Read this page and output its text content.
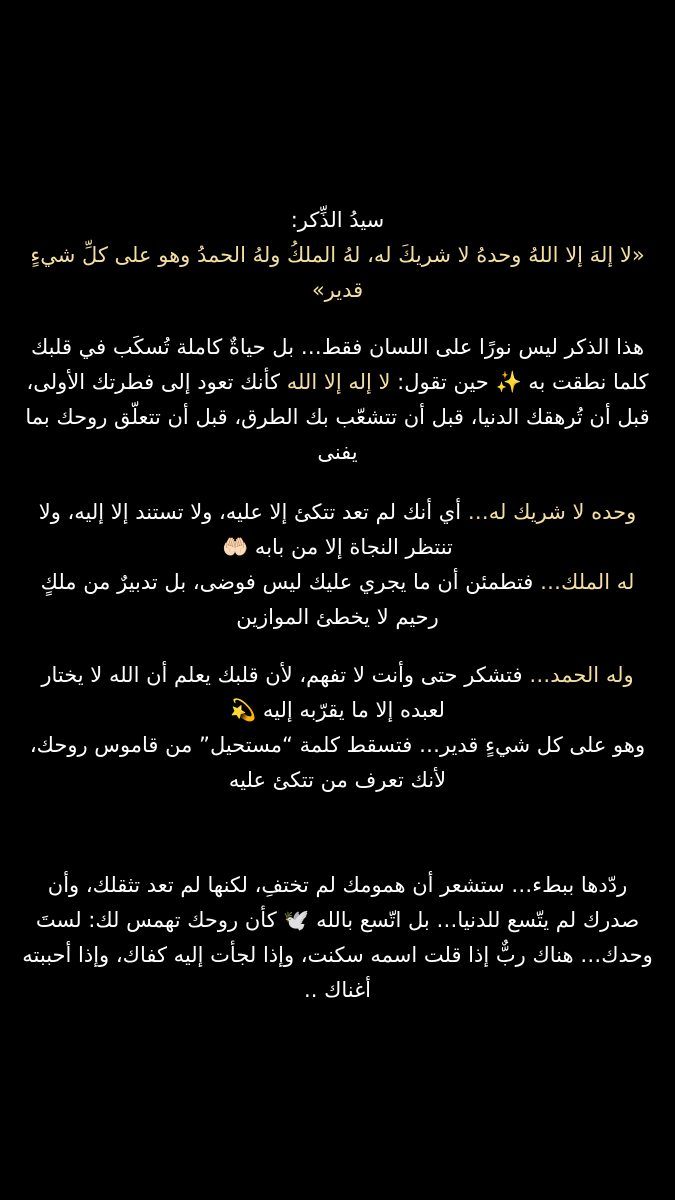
سيدُ الذِّكر:
«لا إلهَ إلا اللهُ وحدهُ لا شريكَ له، لهُ الملكُ ولهُ الحمدُ وهو على كلِّ شيءٍ قدير»
هذا الذكر ليس نورًا على اللسان فقط… بل حياةٌ كاملة تُسكَب في قلبك كلما نطقت به ✨ حين تقول: لا إله إلا الله كأنك تعود إلى فطرتك الأولى، قبل أن تُرهقك الدنيا، قبل أن تتشعّب بك الطرق، قبل أن تتعلّق روحك بما يفنى
وحده لا شريك له… أي أنك لم تعد تتكئ إلا عليه، ولا تستند إلا إليه، ولا تنتظر النجاة إلا من بابه 🤲🏻
له الملك… فتطمئن أن ما يجري عليك ليس فوضى، بل تدبيرٌ من ملكٍ رحيم لا يخطئ الموازين
وله الحمد… فتشكر حتى وأنت لا تفهم، لأن قلبك يعلم أن الله لا يختار لعبده إلا ما يقرّبه إليه 💫
وهو على كل شيءٍ قدير… فتسقط كلمة “مستحيل” من قاموس روحك، لأنك تعرف من تتكئ عليه
ردّدها ببطء… ستشعر أن همومك لم تختفِ، لكنها لم تعد تثقلك، وأن صدرك لم يتّسع للدنيا… بل اتّسع بالله 🕊️ كأن روحك تهمس لك: لستَ وحدك… هناك ربٌّ إذا قلت اسمه سكنت، وإذا لجأت إليه كفاك، وإذا أحببته أغناك ..
